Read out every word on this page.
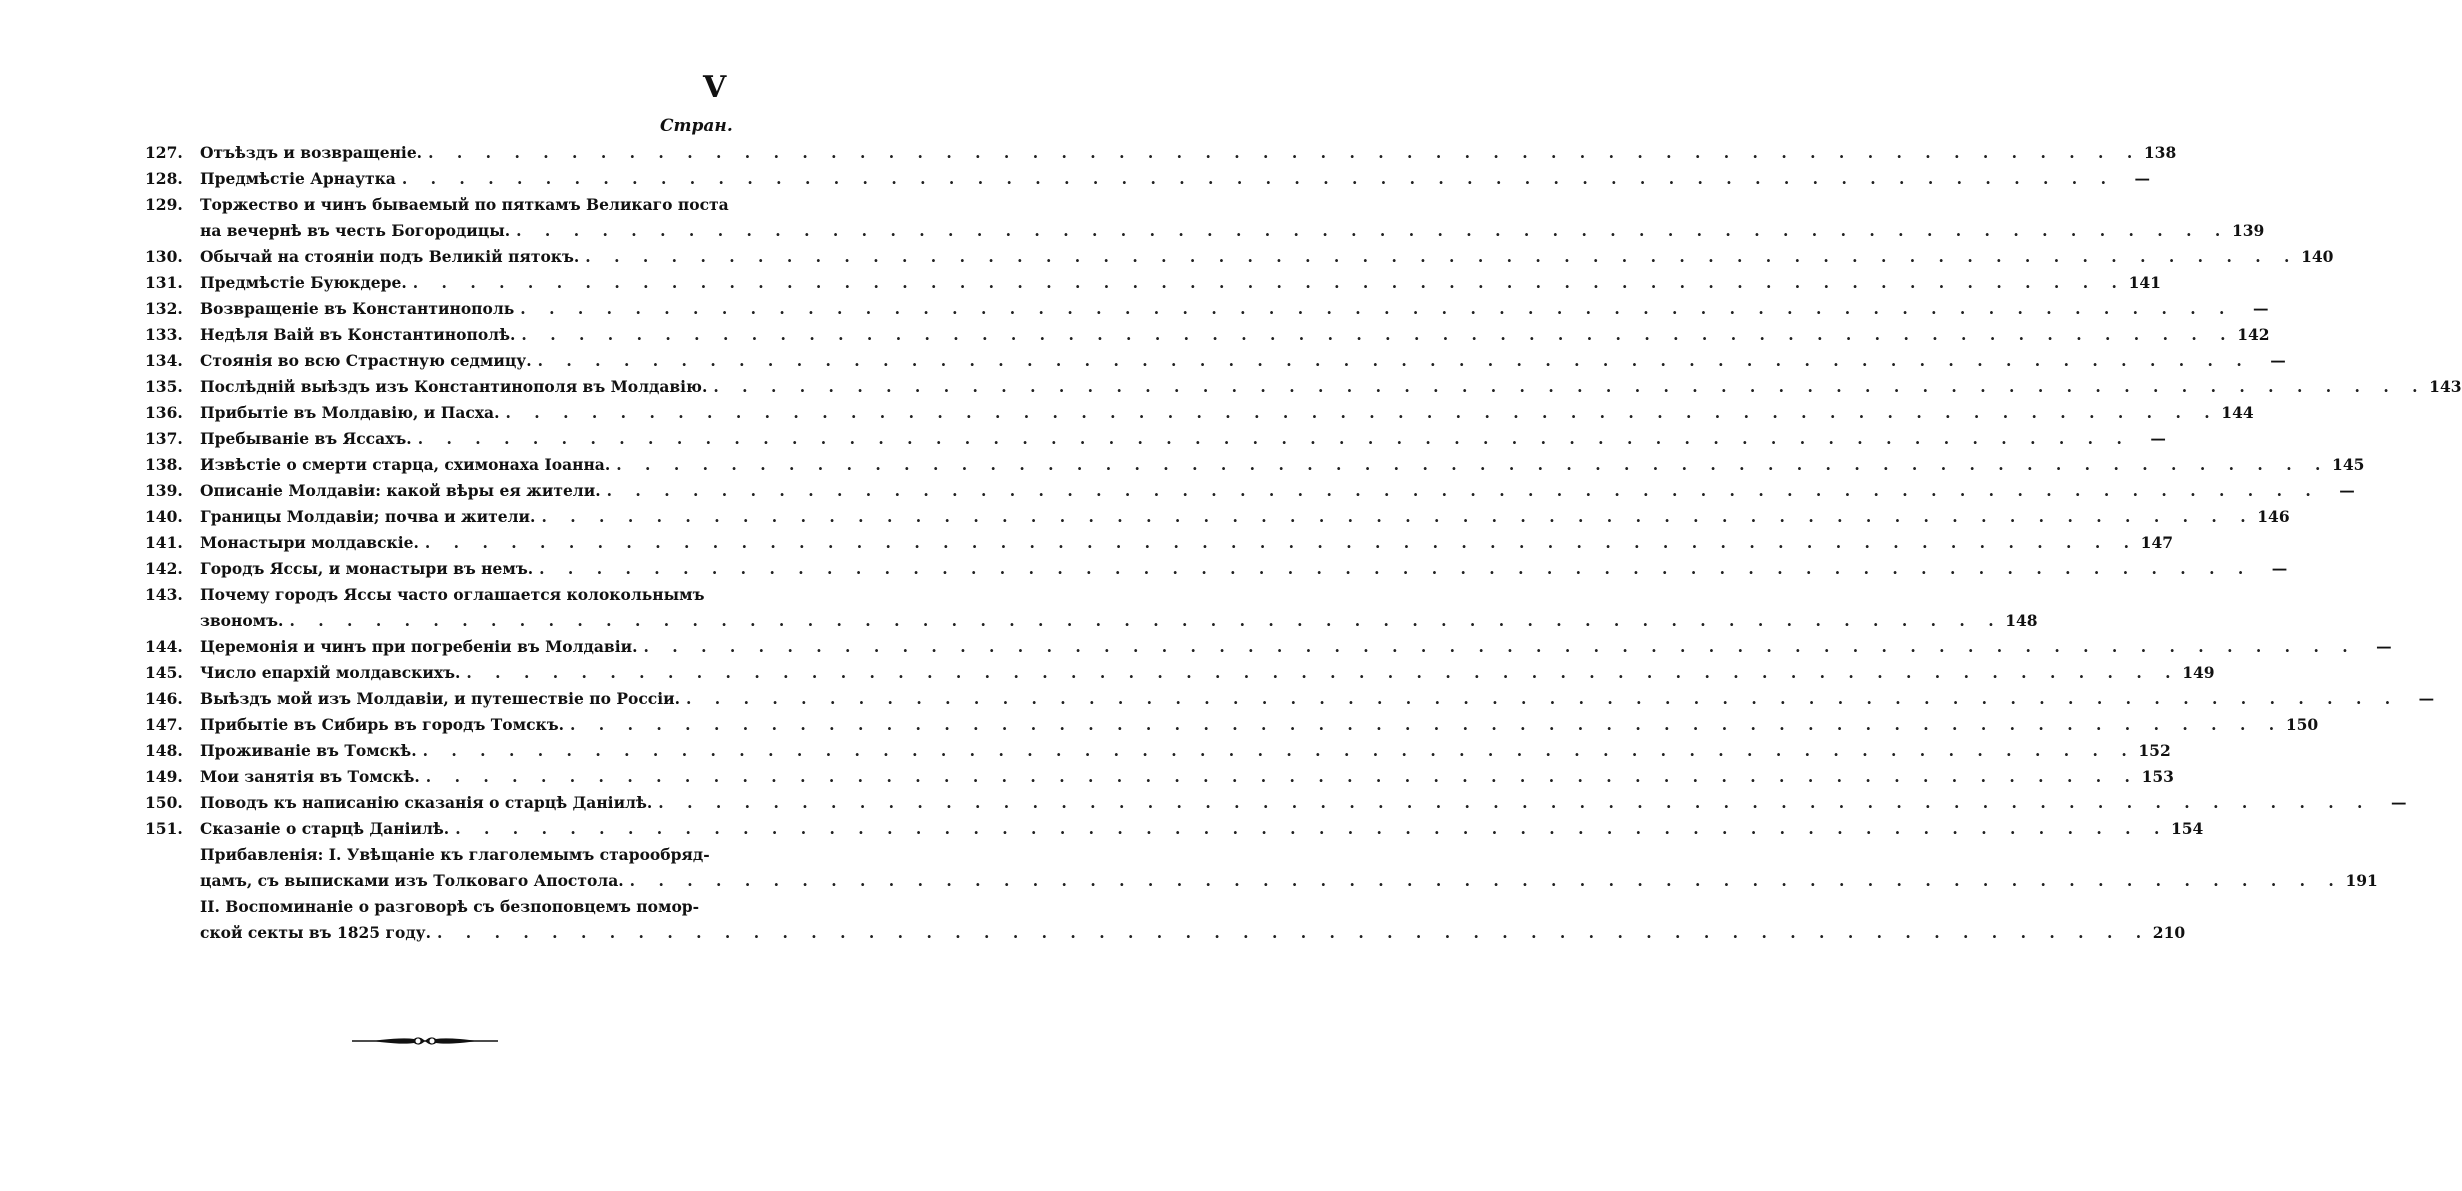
V
Стран.
127.	Отъѣздъ и возвращеніе. . . . . . . . . . . . . . . . . . . . . . . . . . . . . . . . . . . . . . . . . . . . . . . . . . . . . . . . . . . . . 138
128.	Предмѣстіе Арнаутка . . . . . . . . . . . . . . . . . . . . . . . . . . . . . . . . . . . . . . . . . . . . . . . . . . . . . . . . . . . .	—
129.	Торжество и чинъ бываемый по пяткамъ Великаго поста
на вечернѣ въ честь Богородицы. . . . . . . . . . . . . . . . . . . . . . . . . . . . . . . . . . . . . . . . . . . . . . . . . . . . . . . . . . . . . 139
130.	Обычай на стояніи подъ Великій пятокъ. . . . . . . . . . . . . . . . . . . . . . . . . . . . . . . . . . . . . . . . . . . . . . . . . . . . . . . . . . . . . 140
131.	Предмѣстіе Буюкдере. . . . . . . . . . . . . . . . . . . . . . . . . . . . . . . . . . . . . . . . . . . . . . . . . . . . . . . . . . . . . 141
132.	Возвращеніе въ Константинополь . . . . . . . . . . . . . . . . . . . . . . . . . . . . . . . . . . . . . . . . . . . . . . . . . . . . . . . . . . . .	—
133.	Недѣля Ваій въ Константинополѣ. . . . . . . . . . . . . . . . . . . . . . . . . . . . . . . . . . . . . . . . . . . . . . . . . . . . . . . . . . . . . 142
134.	Стоянія во всю Страстную седмицу. . . . . . . . . . . . . . . . . . . . . . . . . . . . . . . . . . . . . . . . . . . . . . . . . . . . . . . . . . . . .	—
135.	Послѣдній выѣздъ изъ Константинополя въ Молдавію. . . . . . . . . . . . . . . . . . . . . . . . . . . . . . . . . . . . . . . . . . . . . . . . . . . . . . . . . . . . . 143
136.	Прибытіе въ Молдавію, и Пасха. . . . . . . . . . . . . . . . . . . . . . . . . . . . . . . . . . . . . . . . . . . . . . . . . . . . . . . . . . . . . 144
137.	Пребываніе въ Яссахъ. . . . . . . . . . . . . . . . . . . . . . . . . . . . . . . . . . . . . . . . . . . . . . . . . . . . . . . . . . . . .	—
138.	Извѣстіе о смерти старца, схимонаха Іоанна. . . . . . . . . . . . . . . . . . . . . . . . . . . . . . . . . . . . . . . . . . . . . . . . . . . . . . . . . . . . . 145
139.	Описаніе Молдавіи: какой вѣры ея жители. . . . . . . . . . . . . . . . . . . . . . . . . . . . . . . . . . . . . . . . . . . . . . . . . . . . . . . . . . . . .	—
140.	Границы Молдавіи; почва и жители. . . . . . . . . . . . . . . . . . . . . . . . . . . . . . . . . . . . . . . . . . . . . . . . . . . . . . . . . . . . . 146
141.	Монастыри молдавскіе. . . . . . . . . . . . . . . . . . . . . . . . . . . . . . . . . . . . . . . . . . . . . . . . . . . . . . . . . . . . . 147
142.	Городъ Яссы, и монастыри въ немъ. . . . . . . . . . . . . . . . . . . . . . . . . . . . . . . . . . . . . . . . . . . . . . . . . . . . . . . . . . . . .	—
143.	Почему городъ Яссы часто оглашается колокольнымъ
звономъ. . . . . . . . . . . . . . . . . . . . . . . . . . . . . . . . . . . . . . . . . . . . . . . . . . . . . . . . . . . . . 148
144.	Церемонія и чинъ при погребеніи въ Молдавіи. . . . . . . . . . . . . . . . . . . . . . . . . . . . . . . . . . . . . . . . . . . . . . . . . . . . . . . . . . . . .	—
145.	Число епархій молдавскихъ. . . . . . . . . . . . . . . . . . . . . . . . . . . . . . . . . . . . . . . . . . . . . . . . . . . . . . . . . . . . . 149
146.	Выѣздъ мой изъ Молдавіи, и путешествіе по Россіи. . . . . . . . . . . . . . . . . . . . . . . . . . . . . . . . . . . . . . . . . . . . . . . . . . . . . . . . . . . . .	—
147.	Прибытіе въ Сибирь въ городъ Томскъ. . . . . . . . . . . . . . . . . . . . . . . . . . . . . . . . . . . . . . . . . . . . . . . . . . . . . . . . . . . . . 150
148.	Проживаніе въ Томскѣ. . . . . . . . . . . . . . . . . . . . . . . . . . . . . . . . . . . . . . . . . . . . . . . . . . . . . . . . . . . . . 152
149.	Мои занятія въ Томскѣ. . . . . . . . . . . . . . . . . . . . . . . . . . . . . . . . . . . . . . . . . . . . . . . . . . . . . . . . . . . . . 153
150.	Поводъ къ написанію сказанія о старцѣ Даніилѣ. . . . . . . . . . . . . . . . . . . . . . . . . . . . . . . . . . . . . . . . . . . . . . . . . . . . . . . . . . . . .	—
151.	Сказаніе о старцѣ Даніилѣ. . . . . . . . . . . . . . . . . . . . . . . . . . . . . . . . . . . . . . . . . . . . . . . . . . . . . . . . . . . . . 154
Прибавленія: I. Увѣщаніе къ глаголемымъ старообряд-
цамъ, съ выписками изъ Толковаго Апостола. . . . . . . . . . . . . . . . . . . . . . . . . . . . . . . . . . . . . . . . . . . . . . . . . . . . . . . . . . . . . 191
II. Воспоминаніе о разговорѣ съ безпоповцемъ помор-
ской секты въ 1825 году. . . . . . . . . . . . . . . . . . . . . . . . . . . . . . . . . . . . . . . . . . . . . . . . . . . . . . . . . . . . . 210
